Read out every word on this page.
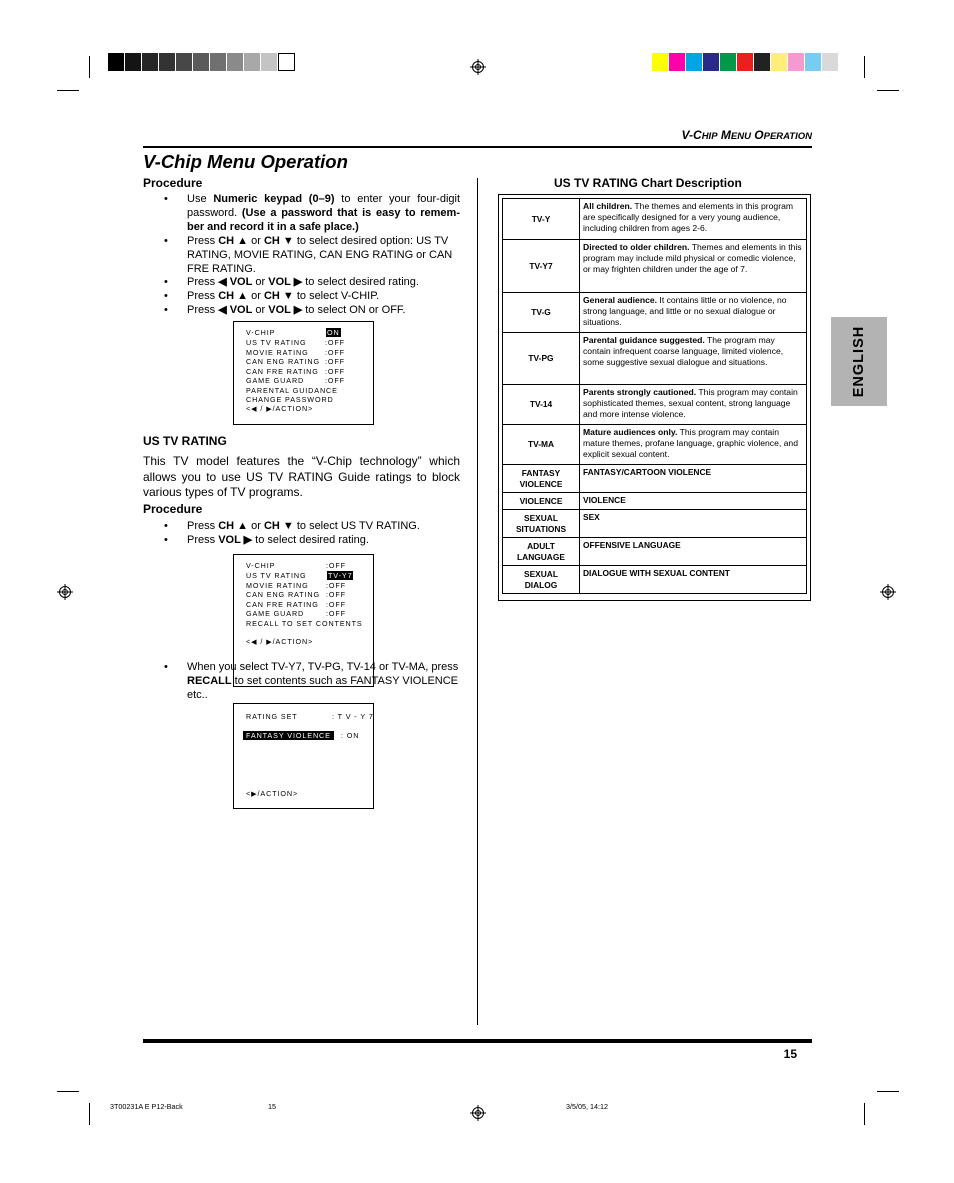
V-CHIP MENU OPERATION
V-Chip Menu Operation
Procedure
• Use Numeric keypad (0–9) to enter your four-digit password. (Use a password that is easy to remem-ber and record it in a safe place.)
• Press CH ▲ or CH ▼ to select desired option: US TV RATING, MOVIE RATING, CAN ENG RATING or CAN FRE RATING.
• Press ◀ VOL or VOL ▶ to select desired rating.
• Press CH ▲ or CH ▼ to select V-CHIP.
• Press ◀ VOL or VOL ▶ to select ON or OFF.
V-CHIP	ON
US TV RATING	:OFF
MOVIE RATING :OFF
CAN ENG RATING :OFF
CAN FRE RATING :OFF
GAME GUARD	:OFF
PARENTAL GUIDANCE
CHANGE PASSWORD
<◀ / ▶/ACTION>
US TV RATING
This TV model features the “V-Chip technology” which allows you to use US TV RATING Guide ratings to block various types of TV programs.
Procedure
• Press CH ▲ or CH ▼ to select US TV RATING.
• Press VOL ▶ to select desired rating.
V-CHIP	:OFF
US TV RATING	TV-Y7
MOVIE RATING :OFF
CAN ENG RATING :OFF
CAN FRE RATING :OFF
GAME GUARD	:OFF
RECALL TO SET CONTENTS
<◀ / ▶/ACTION>
• When you select TV-Y7, TV-PG, TV-14 or TV-MA, press RECALL to set contents such as FANTASY VIOLENCE etc..
RATING SET	: T V - Y 7
FANTASY VIOLENCE	: ON
<▶/ACTION>
ENGLISH
US TV RATING Chart Description
TV-Y	All children. The themes and elements in this program are specifically designed for a very young audience, including children from ages 2-6.
TV-Y7	Directed to older children. Themes and elements in this program may include mild physical or comedic violence, or may frighten children under the age of 7.
TV-G	General audience. It contains little or no violence, no strong language, and little or no sexual dialogue or situations.
TV-PG	Parental guidance suggested. The program may contain infrequent coarse language, limited violence, some suggestive sexual dialogue and situations.
TV-14	Parents strongly cautioned. This program may contain sophisticated themes, sexual content, strong language and more intense violence.
TV-MA	Mature audiences only. This program may contain mature themes, profane language, graphic violence, and explicit sexual content.
FANTASY
VIOLENCE	FANTASY/CARTOON VIOLENCE
VIOLENCE	VIOLENCE
SEXUAL
SITUATIONS	SEX
ADULT
LANGUAGE	OFFENSIVE LANGUAGE
SEXUAL
DIALOG	DIALOGUE WITH SEXUAL CONTENT
15
3T00231A E P12-Back	15	3/5/05, 14:12
